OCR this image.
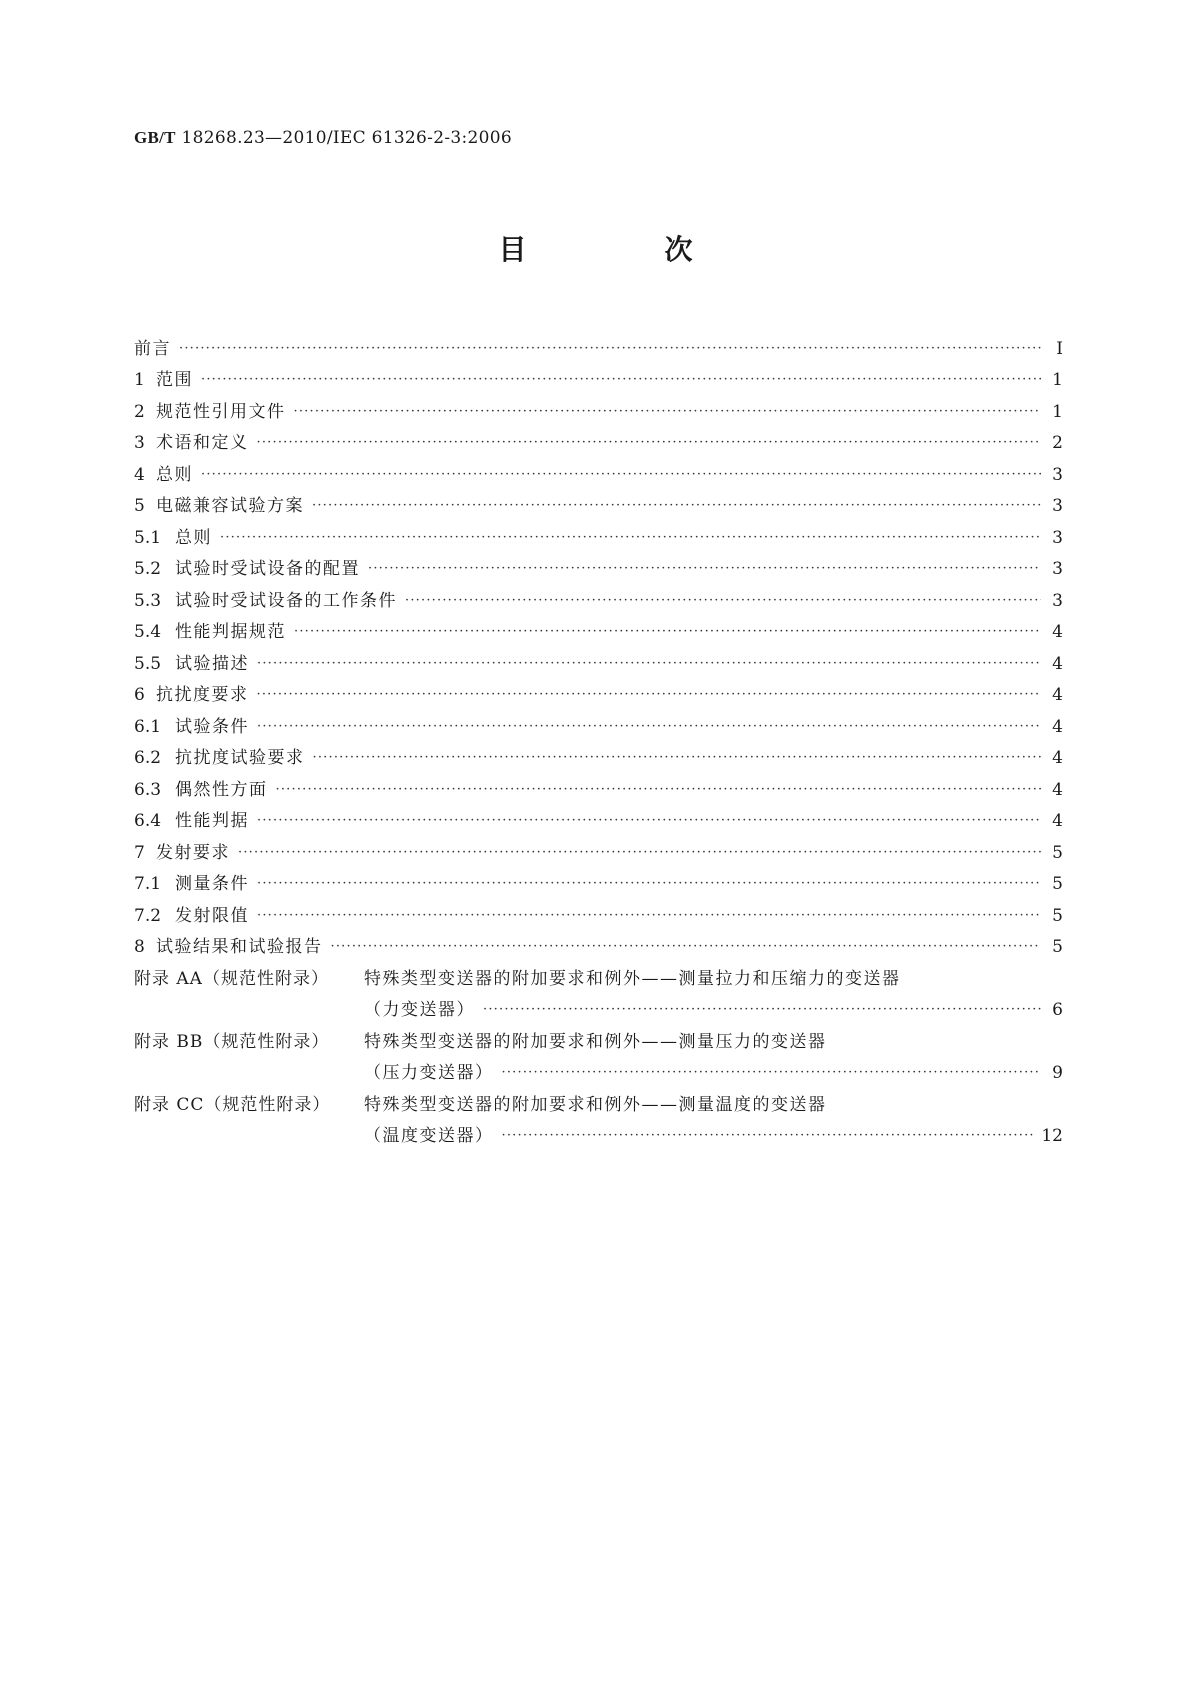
GB/T 18268.23—2010/IEC 61326-2-3:2006
目　次
前言 ·····	Ⅰ
1 范围 ·····	1
2 规范性引用文件 ·····	1
3 术语和定义 ·····	2
4 总则 ·····	3
5 电磁兼容试验方案 ·····	3
5.1 总则 ·····	3
5.2 试验时受试设备的配置 ·····	3
5.3 试验时受试设备的工作条件 ·····	3
5.4 性能判据规范 ·····	4
5.5 试验描述 ·····	4
6 抗扰度要求 ·····	4
6.1 试验条件 ·····	4
6.2 抗扰度试验要求 ·····	4
6.3 偶然性方面 ·····	4
6.4 性能判据 ·····	4
7 发射要求 ·····	5
7.1 测量条件 ·····	5
7.2 发射限值 ·····	5
8 试验结果和试验报告 ·····	5
附录 AA（规范性附录）	特殊类型变送器的附加要求和例外——测量拉力和压缩力的变送器
（力变送器） ·····	6
附录 BB（规范性附录）	特殊类型变送器的附加要求和例外——测量压力的变送器
（压力变送器） ·····	9
附录 CC（规范性附录）	特殊类型变送器的附加要求和例外——测量温度的变送器
（温度变送器） ·····	12
